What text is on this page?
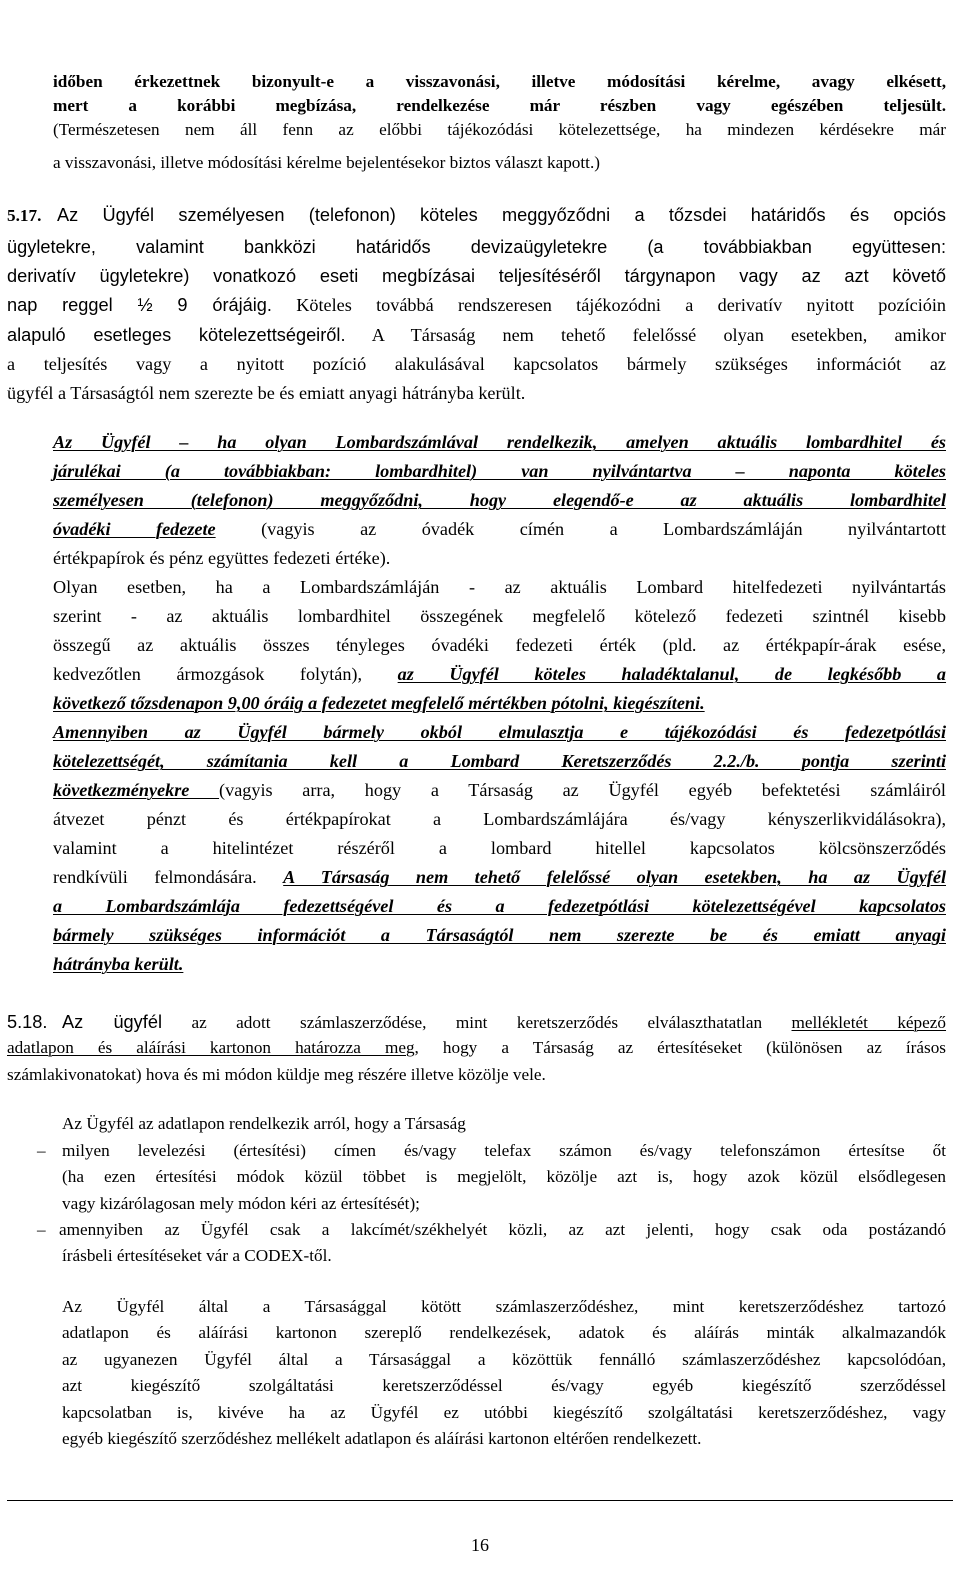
időben érkezettnek bizonyult-e a visszavonási, illetve módosítási kérelme, avagy elkésett,
mert a korábbi megbízása, rendelkezése már részben vagy egészében teljesült.
(Természetesen nem áll fenn az előbbi tájékozódási kötelezettsége, ha mindezen kérdésekre már
a visszavonási, illetve módosítási kérelme bejelentésekor biztos választ kapott.)
5.17. Az Ügyfél személyesen (telefonon) köteles meggyőződni a tőzsdei határidős és opciós
ügyletekre, valamint bankközi határidős devizaügyletekre (a továbbiakban együttesen:
derivatív ügyletekre) vonatkozó eseti megbízásai teljesítéséről tárgynapon vagy az azt követő
nap reggel ½ 9 órájáig. Köteles továbbá rendszeresen tájékozódni a derivatív nyitott pozícióin
alapuló esetleges kötelezettségeiről. A Társaság nem tehető felelőssé olyan esetekben, amikor
a teljesítés vagy a nyitott pozíció alakulásával kapcsolatos bármely szükséges információt az
ügyfél a Társaságtól nem szerezte be és emiatt anyagi hátrányba került.
Az Ügyfél – ha olyan Lombardszámlával rendelkezik, amelyen aktuális lombardhitel és
járulékai (a továbbiakban: lombardhitel) van nyilvántartva – naponta köteles
személyesen (telefonon) meggyőződni, hogy elegendő-e az aktuális lombardhitel
óvadéki fedezete (vagyis az óvadék címén a Lombardszámláján nyilvántartott
értékpapírok és pénz együttes fedezeti értéke).
Olyan esetben, ha a Lombardszámláján - az aktuális Lombard hitelfedezeti nyilvántartás
szerint - az aktuális lombardhitel összegének megfelelő kötelező fedezeti szintnél kisebb
összegű az aktuális összes tényleges óvadéki fedezeti érték (pld. az értékpapír-árak esése,
kedvezőtlen ármozgások folytán), az Ügyfél köteles haladéktalanul, de legkésőbb a
következő tőzsdenapon 9,00 óráig a fedezetet megfelelő mértékben pótolni, kiegészíteni.
Amennyiben az Ügyfél bármely okból elmulasztja e tájékozódási és fedezetpótlási
kötelezettségét, számítania kell a Lombard Keretszerződés 2.2./b. pontja szerinti
következményekre (vagyis arra, hogy a Társaság az Ügyfél egyéb befektetési számláiról
átvezet pénzt és értékpapírokat a Lombardszámlájára és/vagy kényszerlikvidálásokra),
valamint a hitelintézet részéről a lombard hitellel kapcsolatos kölcsönszerződés
rendkívüli felmondására. A Társaság nem tehető felelőssé olyan esetekben, ha az Ügyfél
a Lombardszámlája fedezettségével és a fedezetpótlási kötelezettségével kapcsolatos
bármely szükséges információt a Társaságtól nem szerezte be és emiatt anyagi
hátrányba került.
5.18. Az ügyfél az adott számlaszerződése, mint keretszerződés elválaszthatatlan mellékletét képező
adatlapon és aláírási kartonon határozza meg, hogy a Társaság az értesítéseket (különösen az írásos
számlakivonatokat) hova és mi módon küldje meg részére illetve közölje vele.
Az Ügyfél az adatlapon rendelkezik arról, hogy a Társaság
– milyen levelezési (értesítési) címen és/vagy telefax számon és/vagy telefonszámon értesítse őt
(ha ezen értesítési módok közül többet is megjelölt, közölje azt is, hogy azok közül elsődlegesen
vagy kizárólagosan mely módon kéri az értesítését);
– amennyiben az Ügyfél csak a lakcímét/székhelyét közli, az azt jelenti, hogy csak oda postázandó
írásbeli értesítéseket vár a CODEX-től.
Az Ügyfél által a Társasággal kötött számlaszerződéshez, mint keretszerződéshez tartozó
adatlapon és aláírási kartonon szereplő rendelkezések, adatok és aláírás minták alkalmazandók
az ugyanezen Ügyfél által a Társasággal a közöttük fennálló számlaszerződéshez kapcsolódóan,
azt kiegészítő szolgáltatási keretszerződéssel és/vagy egyéb kiegészítő szerződéssel
kapcsolatban is, kivéve ha az Ügyfél ez utóbbi kiegészítő szolgáltatási keretszerződéshez, vagy
egyéb kiegészítő szerződéshez mellékelt adatlapon és aláírási kartonon eltérően rendelkezett.
16
